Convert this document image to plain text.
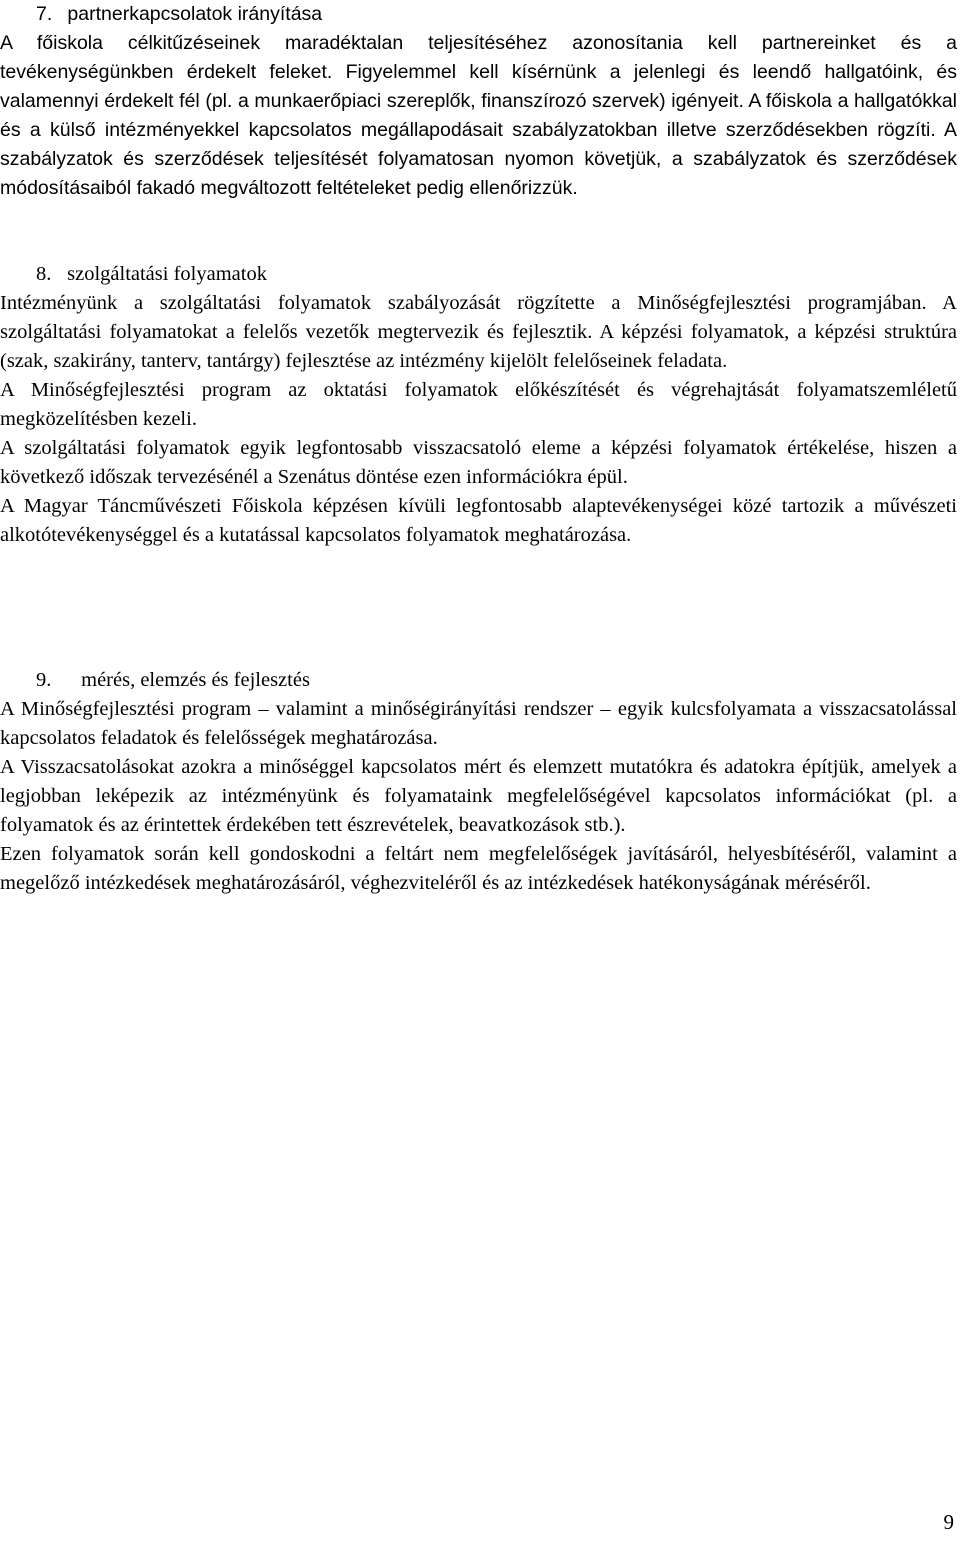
7. partnerkapcsolatok irányítása

A főiskola célkitűzéseinek maradéktalan teljesítéséhez azonosítania kell partnereinket és a tevékenységünkben érdekelt feleket. Figyelemmel kell kísérnünk a jelenlegi és leendő hallgatóink, és valamennyi érdekelt fél (pl. a munkaerőpiaci szereplők, finanszírozó szervek) igényeit. A főiskola a hallgatókkal és a külső intézményekkel kapcsolatos megállapodásait szabályzatokban illetve szerződésekben rögzíti. A szabályzatok és szerződések teljesítését folyamatosan nyomon követjük, a szabályzatok és szerződések módosításaiból fakadó megváltozott feltételeket pedig ellenőrizzük.

8. szolgáltatási folyamatok

Intézményünk a szolgáltatási folyamatok szabályozását rögzítette a Minőségfejlesztési programjában. A szolgáltatási folyamatokat a felelős vezetők megtervezik és fejlesztik. A képzési folyamatok, a képzési struktúra (szak, szakirány, tanterv, tantárgy) fejlesztése az intézmény kijelölt felelőseinek feladata.

A Minőségfejlesztési program az oktatási folyamatok előkészítését és végrehajtását folyamatszemléletű megközelítésben kezeli.

A szolgáltatási folyamatok egyik legfontosabb visszacsatoló eleme a képzési folyamatok értékelése, hiszen a következő időszak tervezésénél a Szenátus döntése ezen információkra épül.

A Magyar Táncművészeti Főiskola képzésen kívüli legfontosabb alaptevékenységei közé tartozik a művészeti alkotótevékenységgel és a kutatással kapcsolatos folyamatok meghatározása.

9. mérés, elemzés és fejlesztés

A Minőségfejlesztési program – valamint a minőségirányítási rendszer – egyik kulcsfolyamata a visszacsatolással kapcsolatos feladatok és felelősségek meghatározása.

A Visszacsatolásokat azokra a minőséggel kapcsolatos mért és elemzett mutatókra és adatokra építjük, amelyek a legjobban leképezik az intézményünk és folyamataink megfelelőségével kapcsolatos információkat (pl. a folyamatok és az érintettek érdekében tett észrevételek, beavatkozások stb.).

Ezen folyamatok során kell gondoskodni a feltárt nem megfelelőségek javításáról, helyesbítéséről, valamint a megelőző intézkedések meghatározásáról, véghezviteléről és az intézkedések hatékonyságának méréséről.

9
